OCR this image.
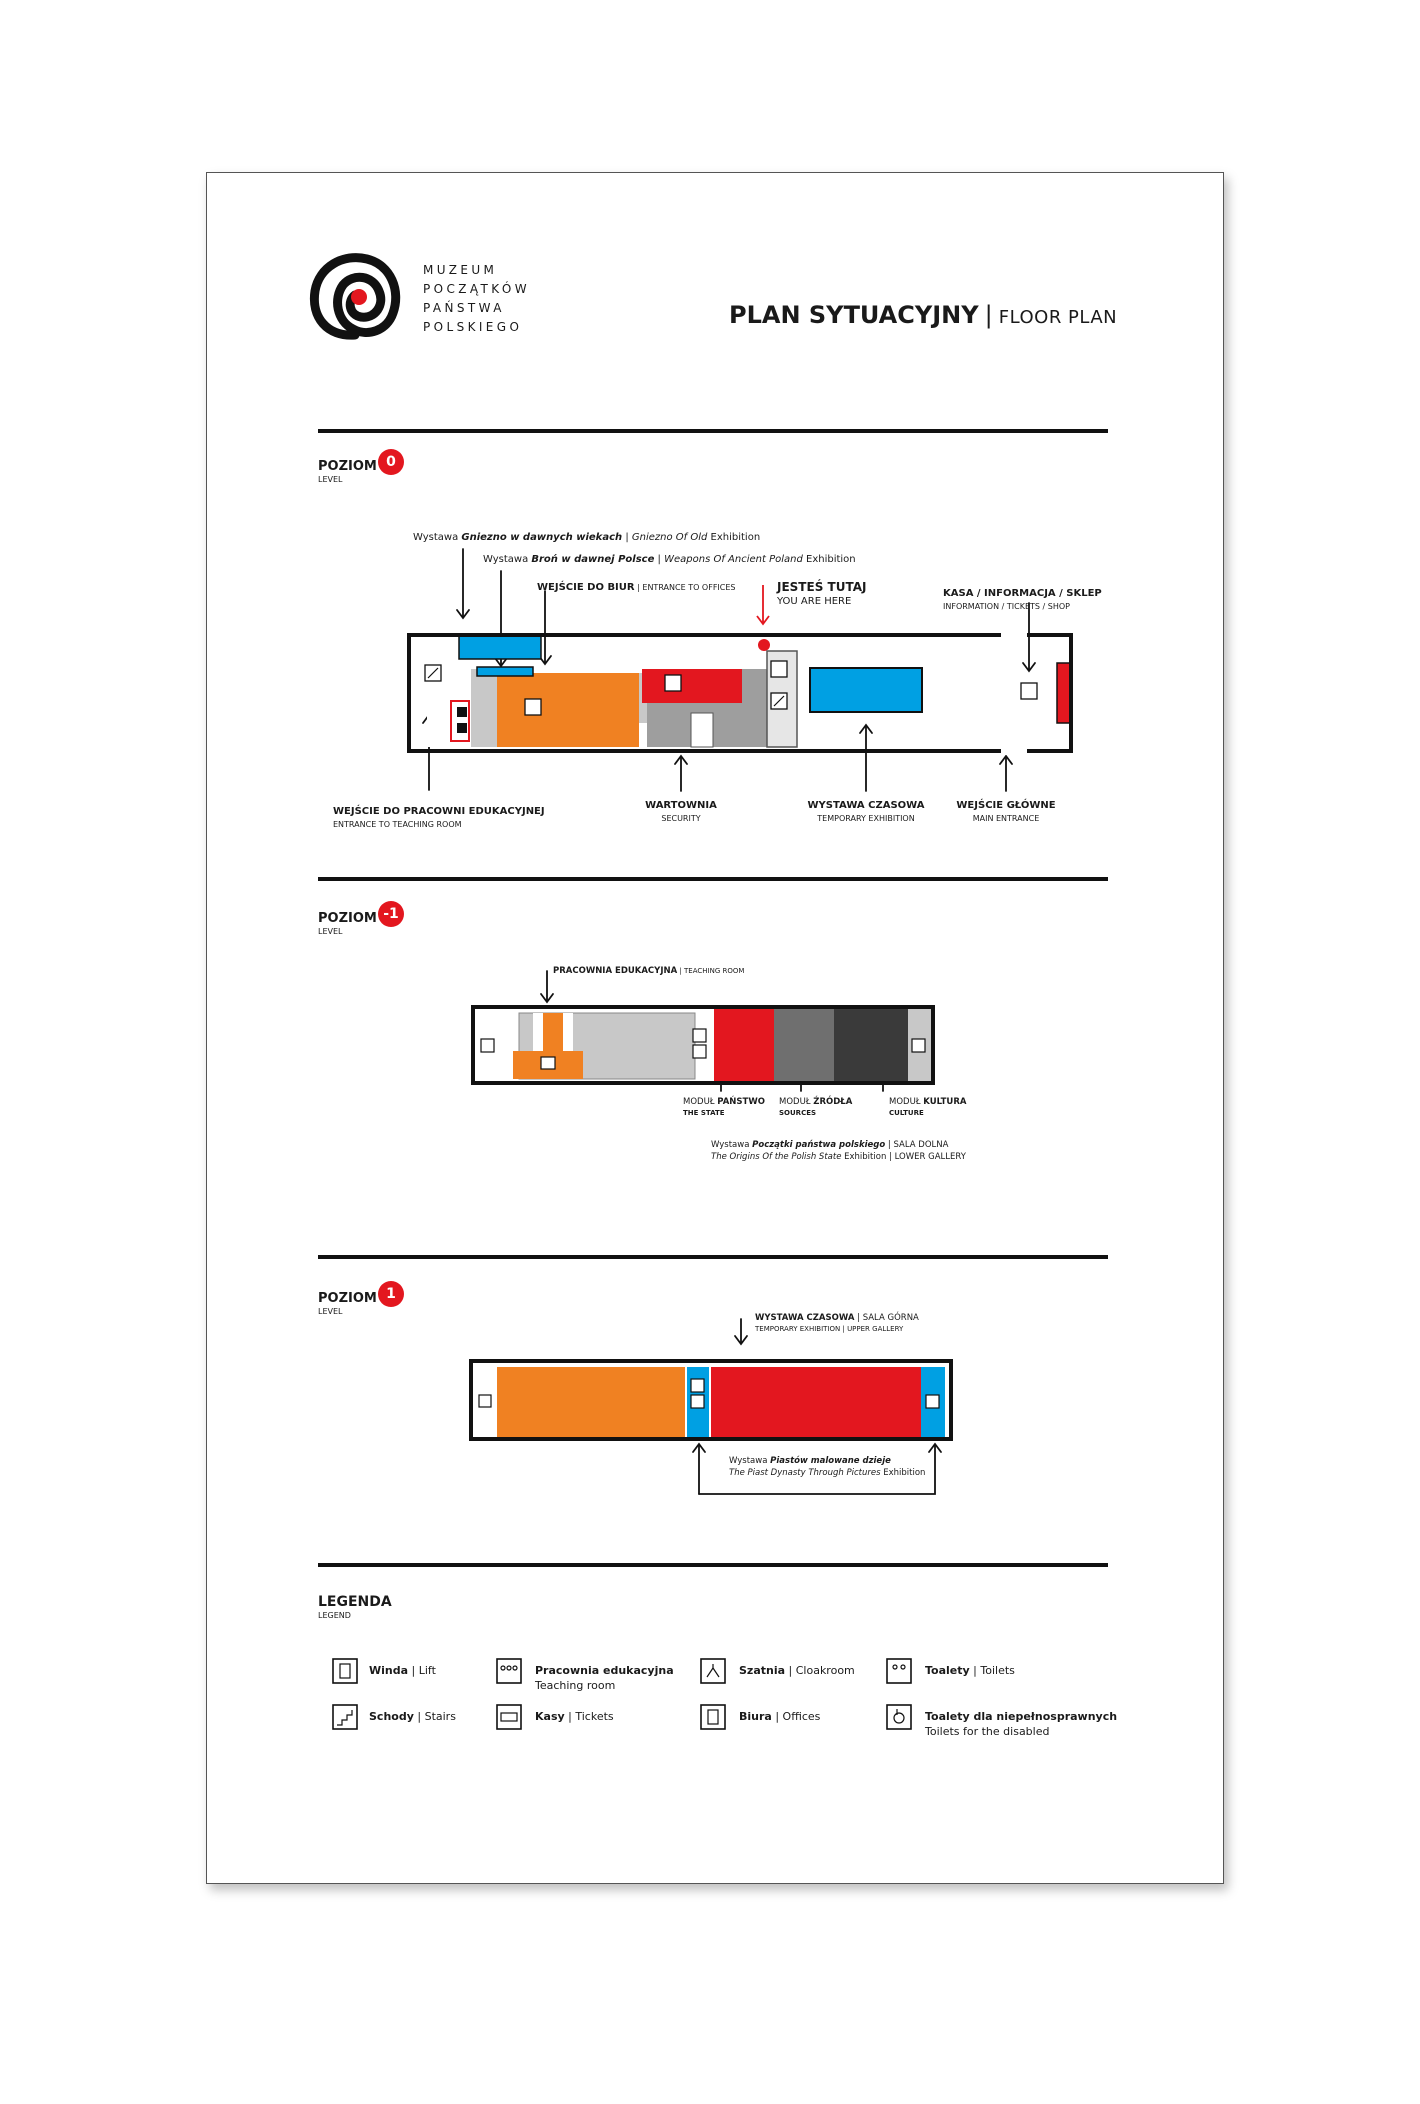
MUZEUM
POCZĄTKÓW
PAŃSTWA
POLSKIEGO	PLAN SYTUACYJNY | FLOOR PLAN
POZIOM
LEVEL
0
Wystawa Gniezno w dawnych wiekach | Gniezno Of Old Exhibition
Wystawa Broń w dawnej Polsce | Weapons Of Ancient Poland Exhibition
WEJŚCIE DO BIUR | ENTRANCE TO OFFICES	JESTEŚ TUTAJ
YOU ARE HERE
KASA / INFORMACJA / SKLEP
INFORMATION / TICKETS / SHOP
WEJŚCIE DO PRACOWNI EDUKACYJNEJ
ENTRANCE TO TEACHING ROOM
WARTOWNIA
SECURITY
WYSTAWA CZASOWA
TEMPORARY EXHIBITION
WEJŚCIE GŁÓWNE
MAIN ENTRANCE
POZIOM
LEVEL
-1
PRACOWNIA EDUKACYJNA | TEACHING ROOM
MODUŁ PAŃSTWO
THE STATE
MODUŁ ŹRÓDŁA
SOURCES
MODUŁ KULTURA
CULTURE
Wystawa Początki państwa polskiego | SALA DOLNA
The Origins Of the Polish State Exhibition | LOWER GALLERY
POZIOM
LEVEL
1
WYSTAWA CZASOWA | SALA GÓRNA
TEMPORARY EXHIBITION | UPPER GALLERY
Wystawa Piastów malowane dzieje
The Piast Dynasty Through Pictures Exhibition
LEGENDA
LEGEND
Winda | Lift
Schody | Stairs
Pracownia edukacyjna
Teaching room
Kasy | Tickets
Szatnia | Cloakroom
Biura | Offices
Toalety | Toilets
Toalety dla niepełnosprawnych
Toilets for the disabled
